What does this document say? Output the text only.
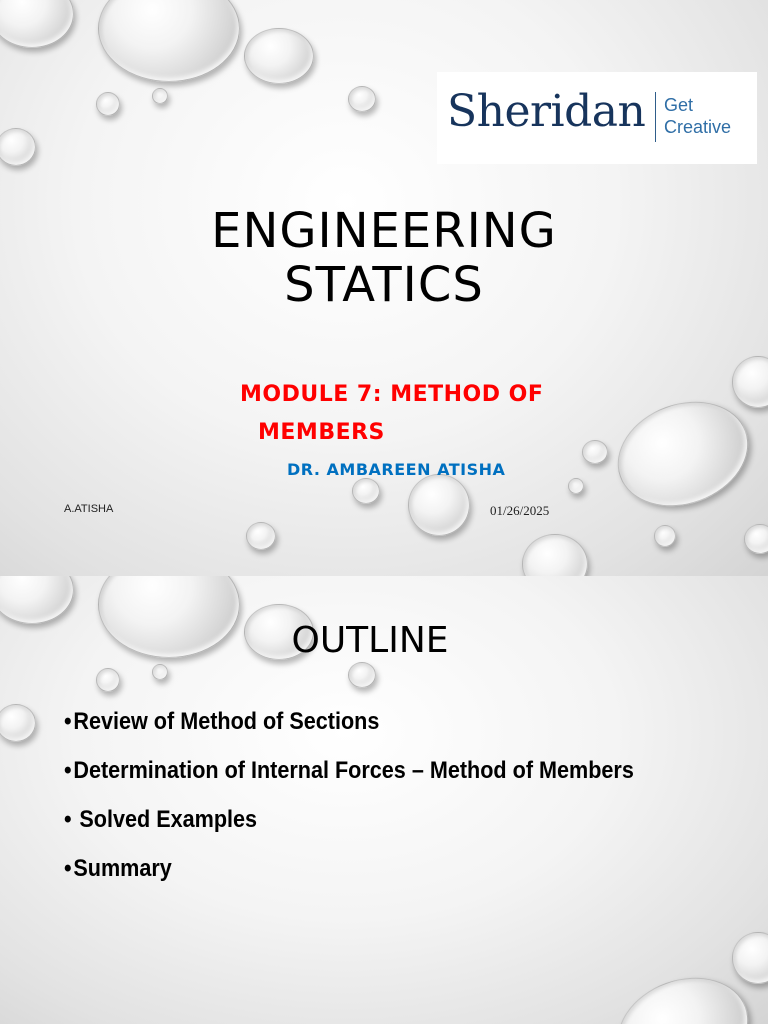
Sheridan Get
Creative
ENGINEERING
STATICS
MODULE 7: METHOD OF
MEMBERS
DR. AMBAREEN ATISHA
A.ATISHA	01/26/2025
OUTLINE
•Review of Method of Sections
•Determination of Internal Forces – Method of Members
• Solved Examples
•Summary
